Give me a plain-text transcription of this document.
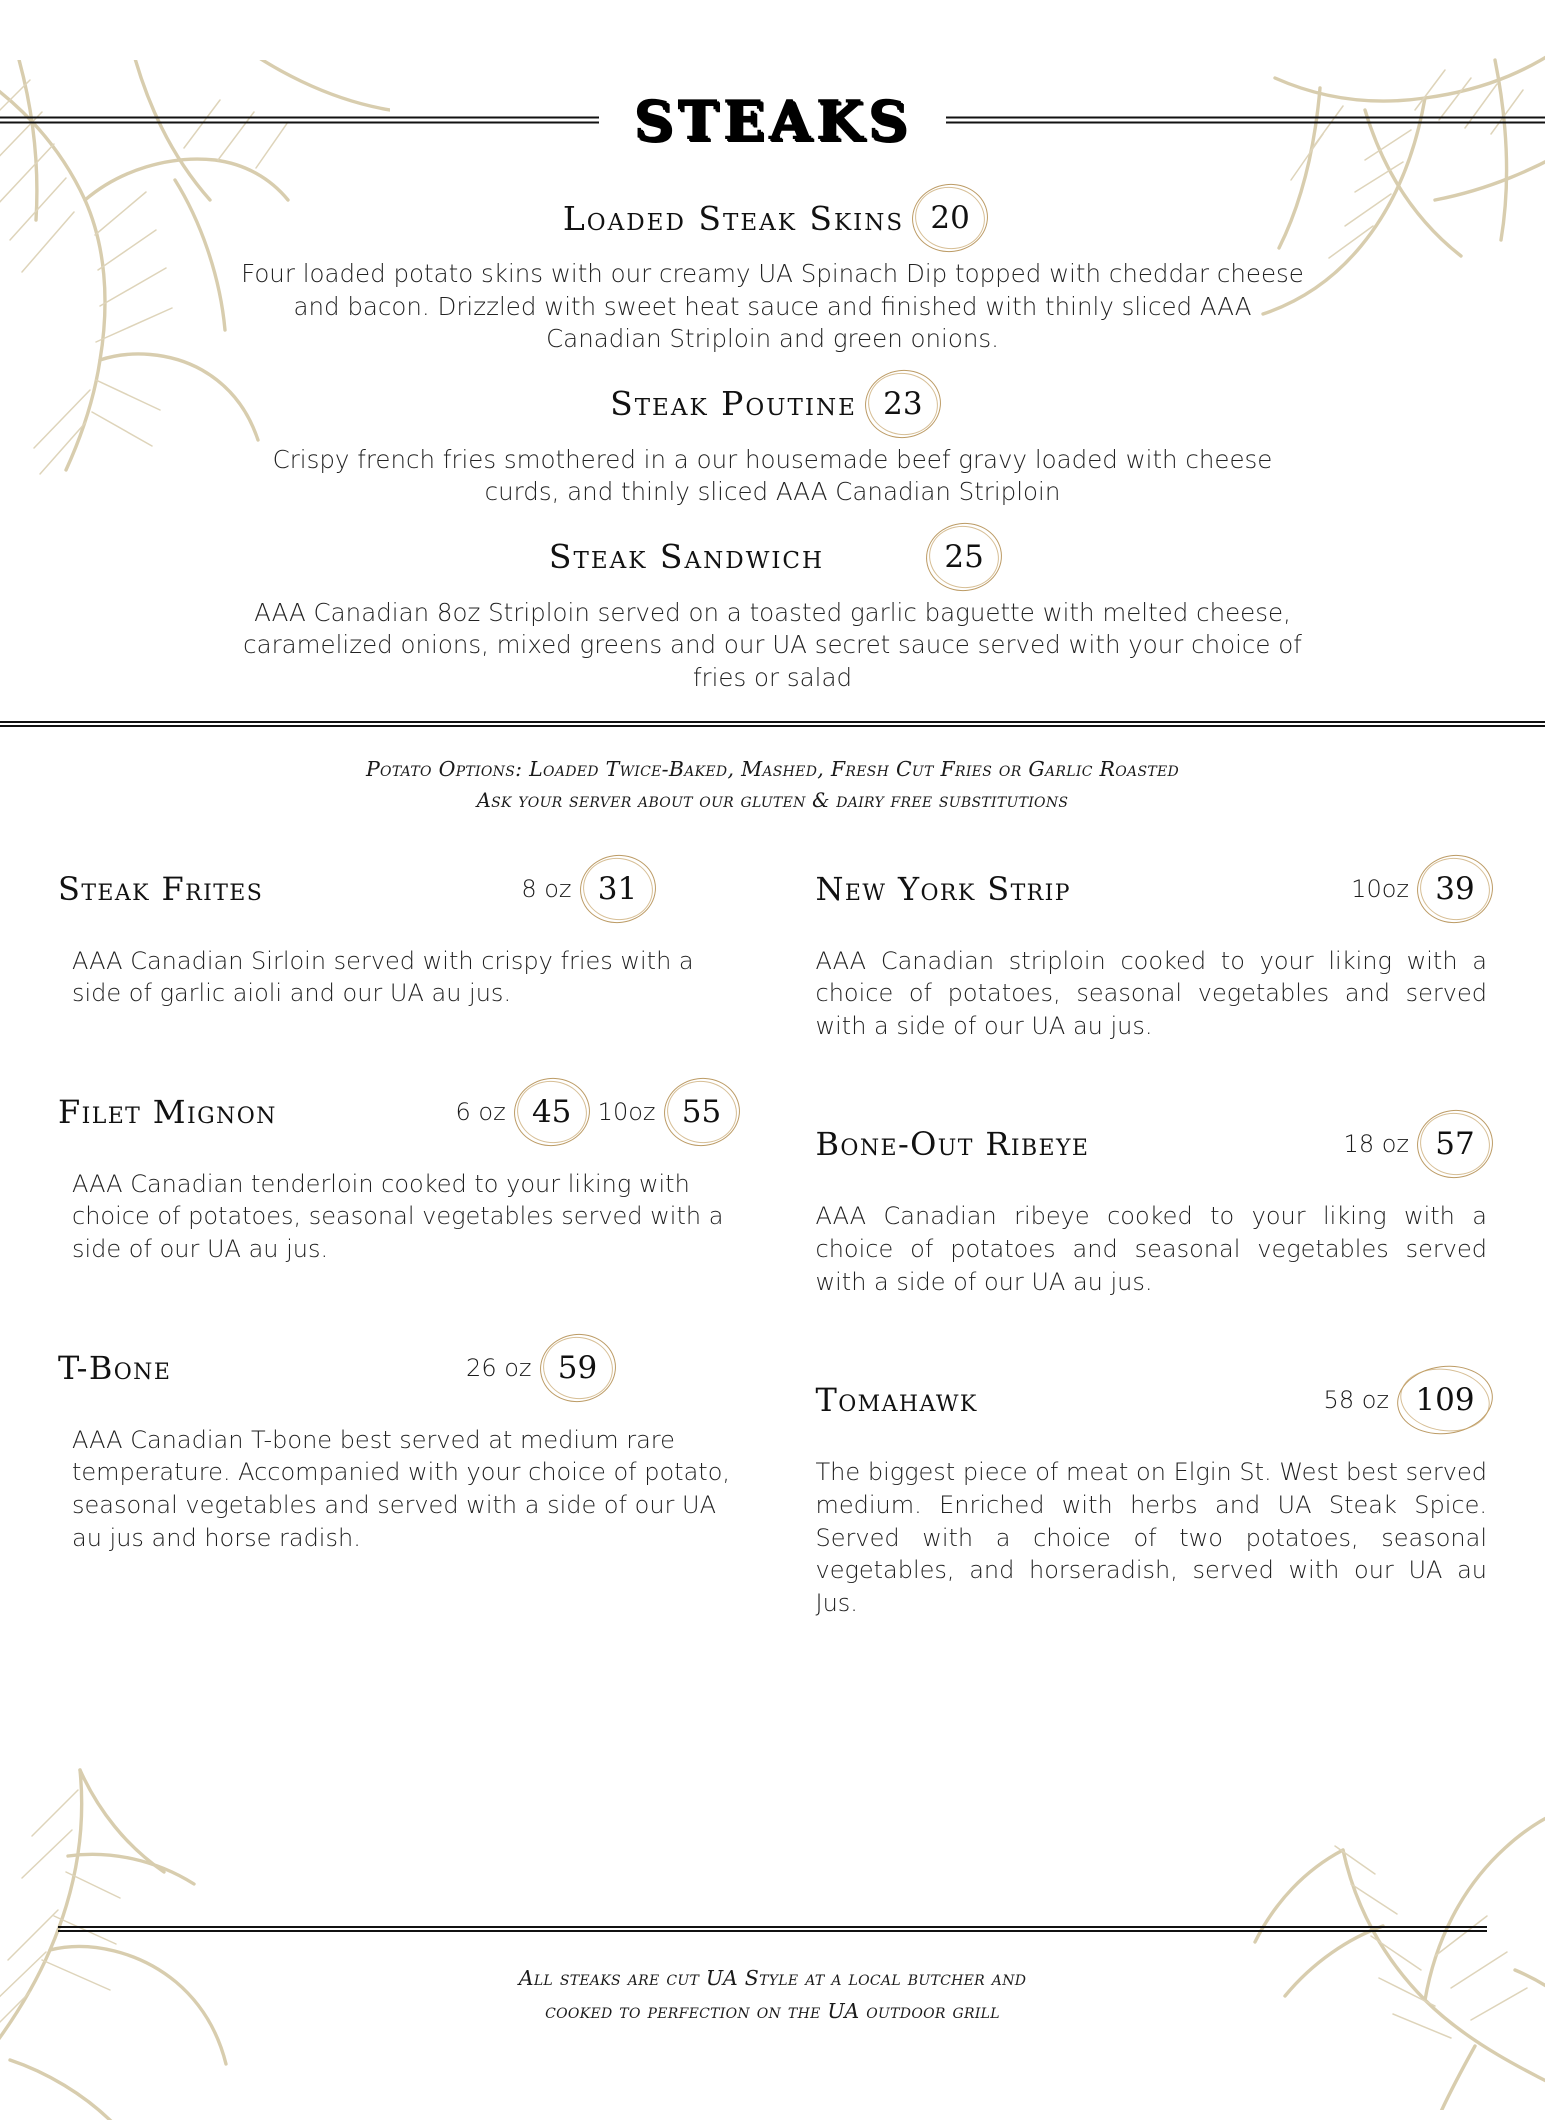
STEAKS
Loaded Steak Skins 20

Four loaded potato skins with our creamy UA Spinach Dip topped with cheddar cheese and bacon. Drizzled with sweet heat sauce and finished with thinly sliced AAA Canadian Striploin and green onions.

Steak Poutine 23

Crispy french fries smothered in a our housemade beef gravy loaded with cheese curds, and thinly sliced AAA Canadian Striploin

Steak Sandwich	25

AAA Canadian 8oz Striploin served on a toasted garlic baguette with melted cheese, caramelized onions, mixed greens and our UA secret sauce served with your choice of fries or salad

Potato Options: Loaded Twice-Baked, Mashed, Fresh Cut Fries or Garlic Roasted
Ask your server about our gluten & dairy free substitutions
Steak Frites	8 oz 31

AAA Canadian Sirloin served with crispy fries with a side of garlic aioli and our UA au jus.

Filet Mignon	6 oz 45 10oz 55

AAA Canadian tenderloin cooked to your liking with choice of potatoes, seasonal vegetables served with a side of our UA au jus.

T-Bone	26 oz 59

AAA Canadian T-bone best served at medium rare temperature. Accompanied with your choice of potato, seasonal vegetables and served with a side of our UA au jus and horse radish.

New York Strip	10oz 39

AAA Canadian striploin cooked to your liking with a choice of potatoes, seasonal vegetables and served with a side of our UA au jus.

Bone-Out Ribeye	18 oz 57

AAA Canadian ribeye cooked to your liking with a choice of potatoes and seasonal vegetables served with a side of our UA au jus.

Tomahawk	58 oz 109

The biggest piece of meat on Elgin St. West best served medium. Enriched with herbs and UA Steak Spice. Served with a choice of two potatoes, seasonal vegetables, and horseradish, served with our UA au Jus.

All steaks are cut UA Style at a local butcher and
cooked to perfection on the UA outdoor grill
